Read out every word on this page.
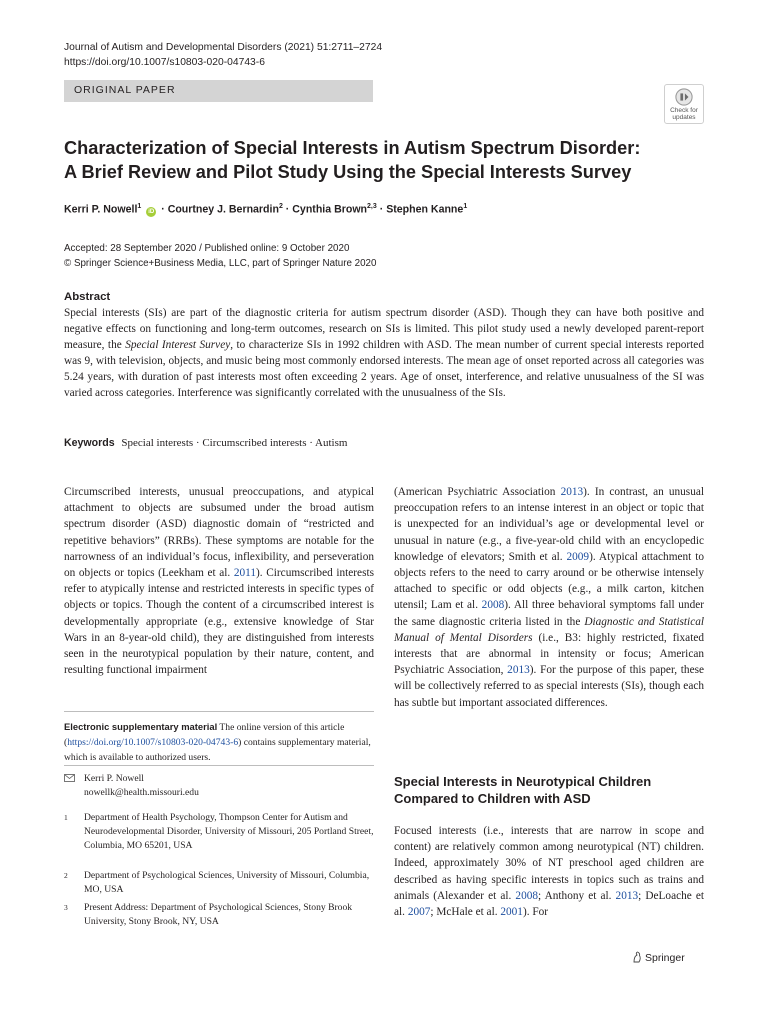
Journal of Autism and Developmental Disorders (2021) 51:2711–2724
https://doi.org/10.1007/s10803-020-04743-6
ORIGINAL PAPER
Check for
updates
Characterization of Special Interests in Autism Spectrum Disorder:
A Brief Review and Pilot Study Using the Special Interests Survey
Kerri P. Nowell$^1$ iD · Courtney J. Bernardin$^2$ · Cynthia Brown$^{2,3}$ · Stephen Kanne$^1$
Accepted: 28 September 2020 / Published online: 9 October 2020
© Springer Science+Business Media, LLC, part of Springer Nature 2020
Abstract

Special interests (SIs) are part of the diagnostic criteria for autism spectrum disorder (ASD). Though they can have both positive and negative effects on functioning and long-term outcomes, research on SIs is limited. This pilot study used a newly developed parent-report measure, the Special Interest Survey, to characterize SIs in 1992 children with ASD. The mean number of current special interests reported was 9, with television, objects, and music being most commonly endorsed interests. The mean age of onset reported across all categories was 5.24 years, with duration of past interests most often exceeding 2 years. Age of onset, interference, and relative unusualness of the SI was varied across categories. Interference was significantly correlated with the unusualness of the SIs.

Keywords Special interests · Circumscribed interests · Autism

Circumscribed interests, unusual preoccupations, and atypical attachment to objects are subsumed under the broad autism spectrum disorder (ASD) diagnostic domain of “restricted and repetitive behaviors” (RRBs). These symptoms are notable for the narrowness of an individual’s focus, inflexibility, and perseveration on objects or topics (Leekham et al. 2011). Circumscribed interests refer to atypically intense and restricted interests in specific types of objects or topics. Though the content of a circumscribed interest is developmentally appropriate (e.g., extensive knowledge of Star Wars in an 8-year-old child), they are distinguished from interests seen in the neurotypical population by their nature, content, and resulting functional impairment

Electronic supplementary material The online version of this article (https://doi.org/10.1007/s10803-020-04743-6) contains supplementary material, which is available to authorized users.

Kerri P. Nowell
nowellk@health.missouri.edu
1 Department of Health Psychology, Thompson Center for Autism and Neurodevelopmental Disorder, University of Missouri, 205 Portland Street, Columbia, MO 65201, USA
2 Department of Psychological Sciences, University of Missouri, Columbia, MO, USA
3 Present Address: Department of Psychological Sciences, Stony Brook University, Stony Brook, NY, USA

(American Psychiatric Association 2013). In contrast, an unusual preoccupation refers to an intense interest in an object or topic that is unexpected for an individual’s age or developmental level or unusual in nature (e.g., a five-year-old child with an encyclopedic knowledge of elevators; Smith et al. 2009). Atypical attachment to objects refers to the need to carry around or be otherwise intensely attached to specific or odd objects (e.g., a milk carton, kitchen utensil; Lam et al. 2008). All three behavioral symptoms fall under the same diagnostic criteria listed in the Diagnostic and Statistical Manual of Mental Disorders (i.e., B3: highly restricted, fixated interests that are abnormal in intensity or focus; American Psychiatric Association, 2013). For the purpose of this paper, these will be collectively referred to as special interests (SIs), though each has subtle but important associated differences.

Special Interests in Neurotypical Children Compared to Children with ASD

Focused interests (i.e., interests that are narrow in scope and content) are relatively common among neurotypical (NT) children. Indeed, approximately 30% of NT preschool aged children are described as having specific interests in topics such as trains and animals (Alexander et al. 2008; Anthony et al. 2013; DeLoache et al. 2007; McHale et al. 2001). For

Springer
